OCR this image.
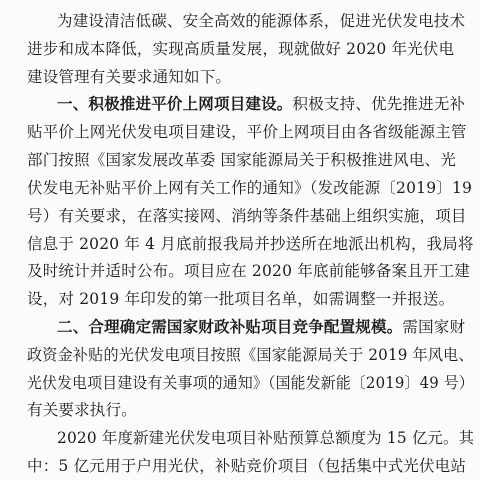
为建设清洁低碳、安全高效的能源体系，促进光伏发电技术
进步和成本降低，实现高质量发展，现就做好 2020 年光伏电
建设管理有关要求通知如下。
一、积极推进平价上网项目建设。积极支持、优先推进无补
贴平价上网光伏发电项目建设，平价上网项目由各省级能源主管
部门按照《国家发展改革委 国家能源局关于积极推进风电、光
伏发电无补贴平价上网有关工作的通知》（发改能源〔2019〕19
号）有关要求，在落实接网、消纳等条件基础上组织实施，项目
信息于 2020 年 4 月底前报我局并抄送所在地派出机构，我局将
及时统计并适时公布。项目应在 2020 年底前能够备案且开工建
设，对 2019 年印发的第一批项目名单，如需调整一并报送。
二、合理确定需国家财政补贴项目竞争配置规模。需国家财
政资金补贴的光伏发电项目按照《国家能源局关于 2019 年风电、
光伏发电项目建设有关事项的通知》（国能发新能〔2019〕49 号）
有关要求执行。
2020 年度新建光伏发电项目补贴预算总额度为 15 亿元。其
中：5 亿元用于户用光伏，补贴竞价项目（包括集中式光伏电站
